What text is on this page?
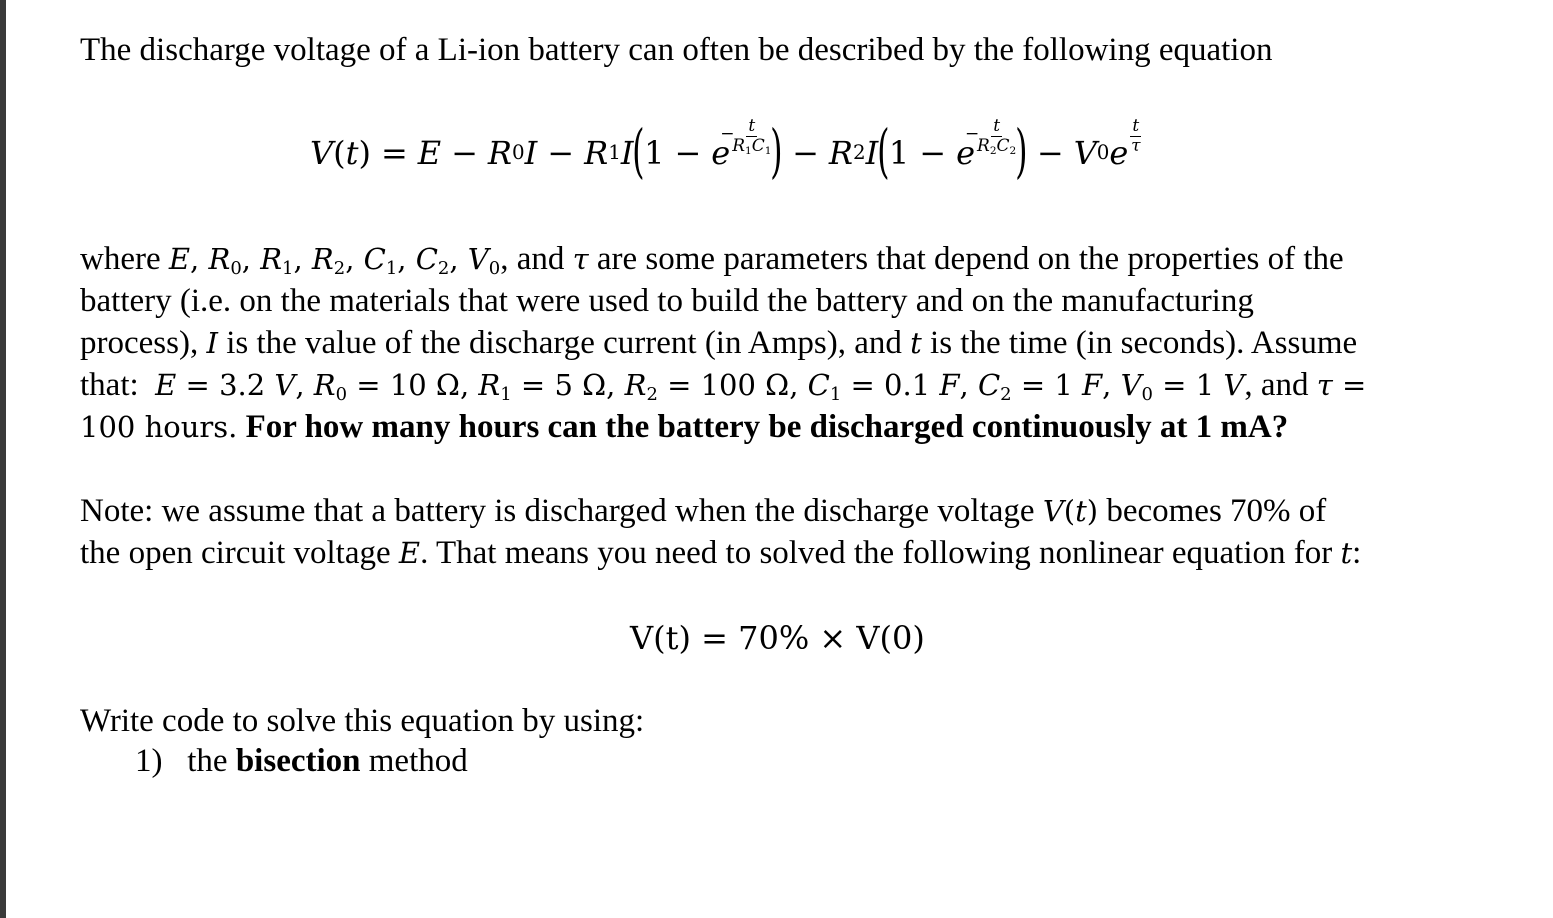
The discharge voltage of a Li-ion battery can often be described by the following equation

V ( t ) = E − R 0 I − R 1 I ( 1 − e
− $\frac{t}{R_1C_1}$ ) − R 2 I ( 1 − e
− $\frac{t}{R_2C_2}$ ) − V 0 e $\frac{t}{\tau}$

where E, $R_0$, $R_1$, $R_2$, $C_1$, $C_2$, $V_0$, and τ are some parameters that depend on the properties of the

battery (i.e. on the materials that were used to build the battery and on the manufacturing

process), I is the value of the discharge current (in Amps), and t is the time (in seconds). Assume

that: E = 3.2 V, $R_0 = 10$ Ω, $R_1 = 5$ Ω, $R_2 = 100$ Ω, $C_1 = 0.1$ F, $C_2 = 1$ F, $V_0 = 1$ V, and τ =

100 hours. For how many hours can the battery be discharged continuously at 1 mA?

Note: we assume that a battery is discharged when the discharge voltage V(t) becomes 70% of

the open circuit voltage E. That means you need to solved the following nonlinear equation for t:

V(t) = 70% × V(0)

Write code to solve this equation by using:

1) the bisection method
